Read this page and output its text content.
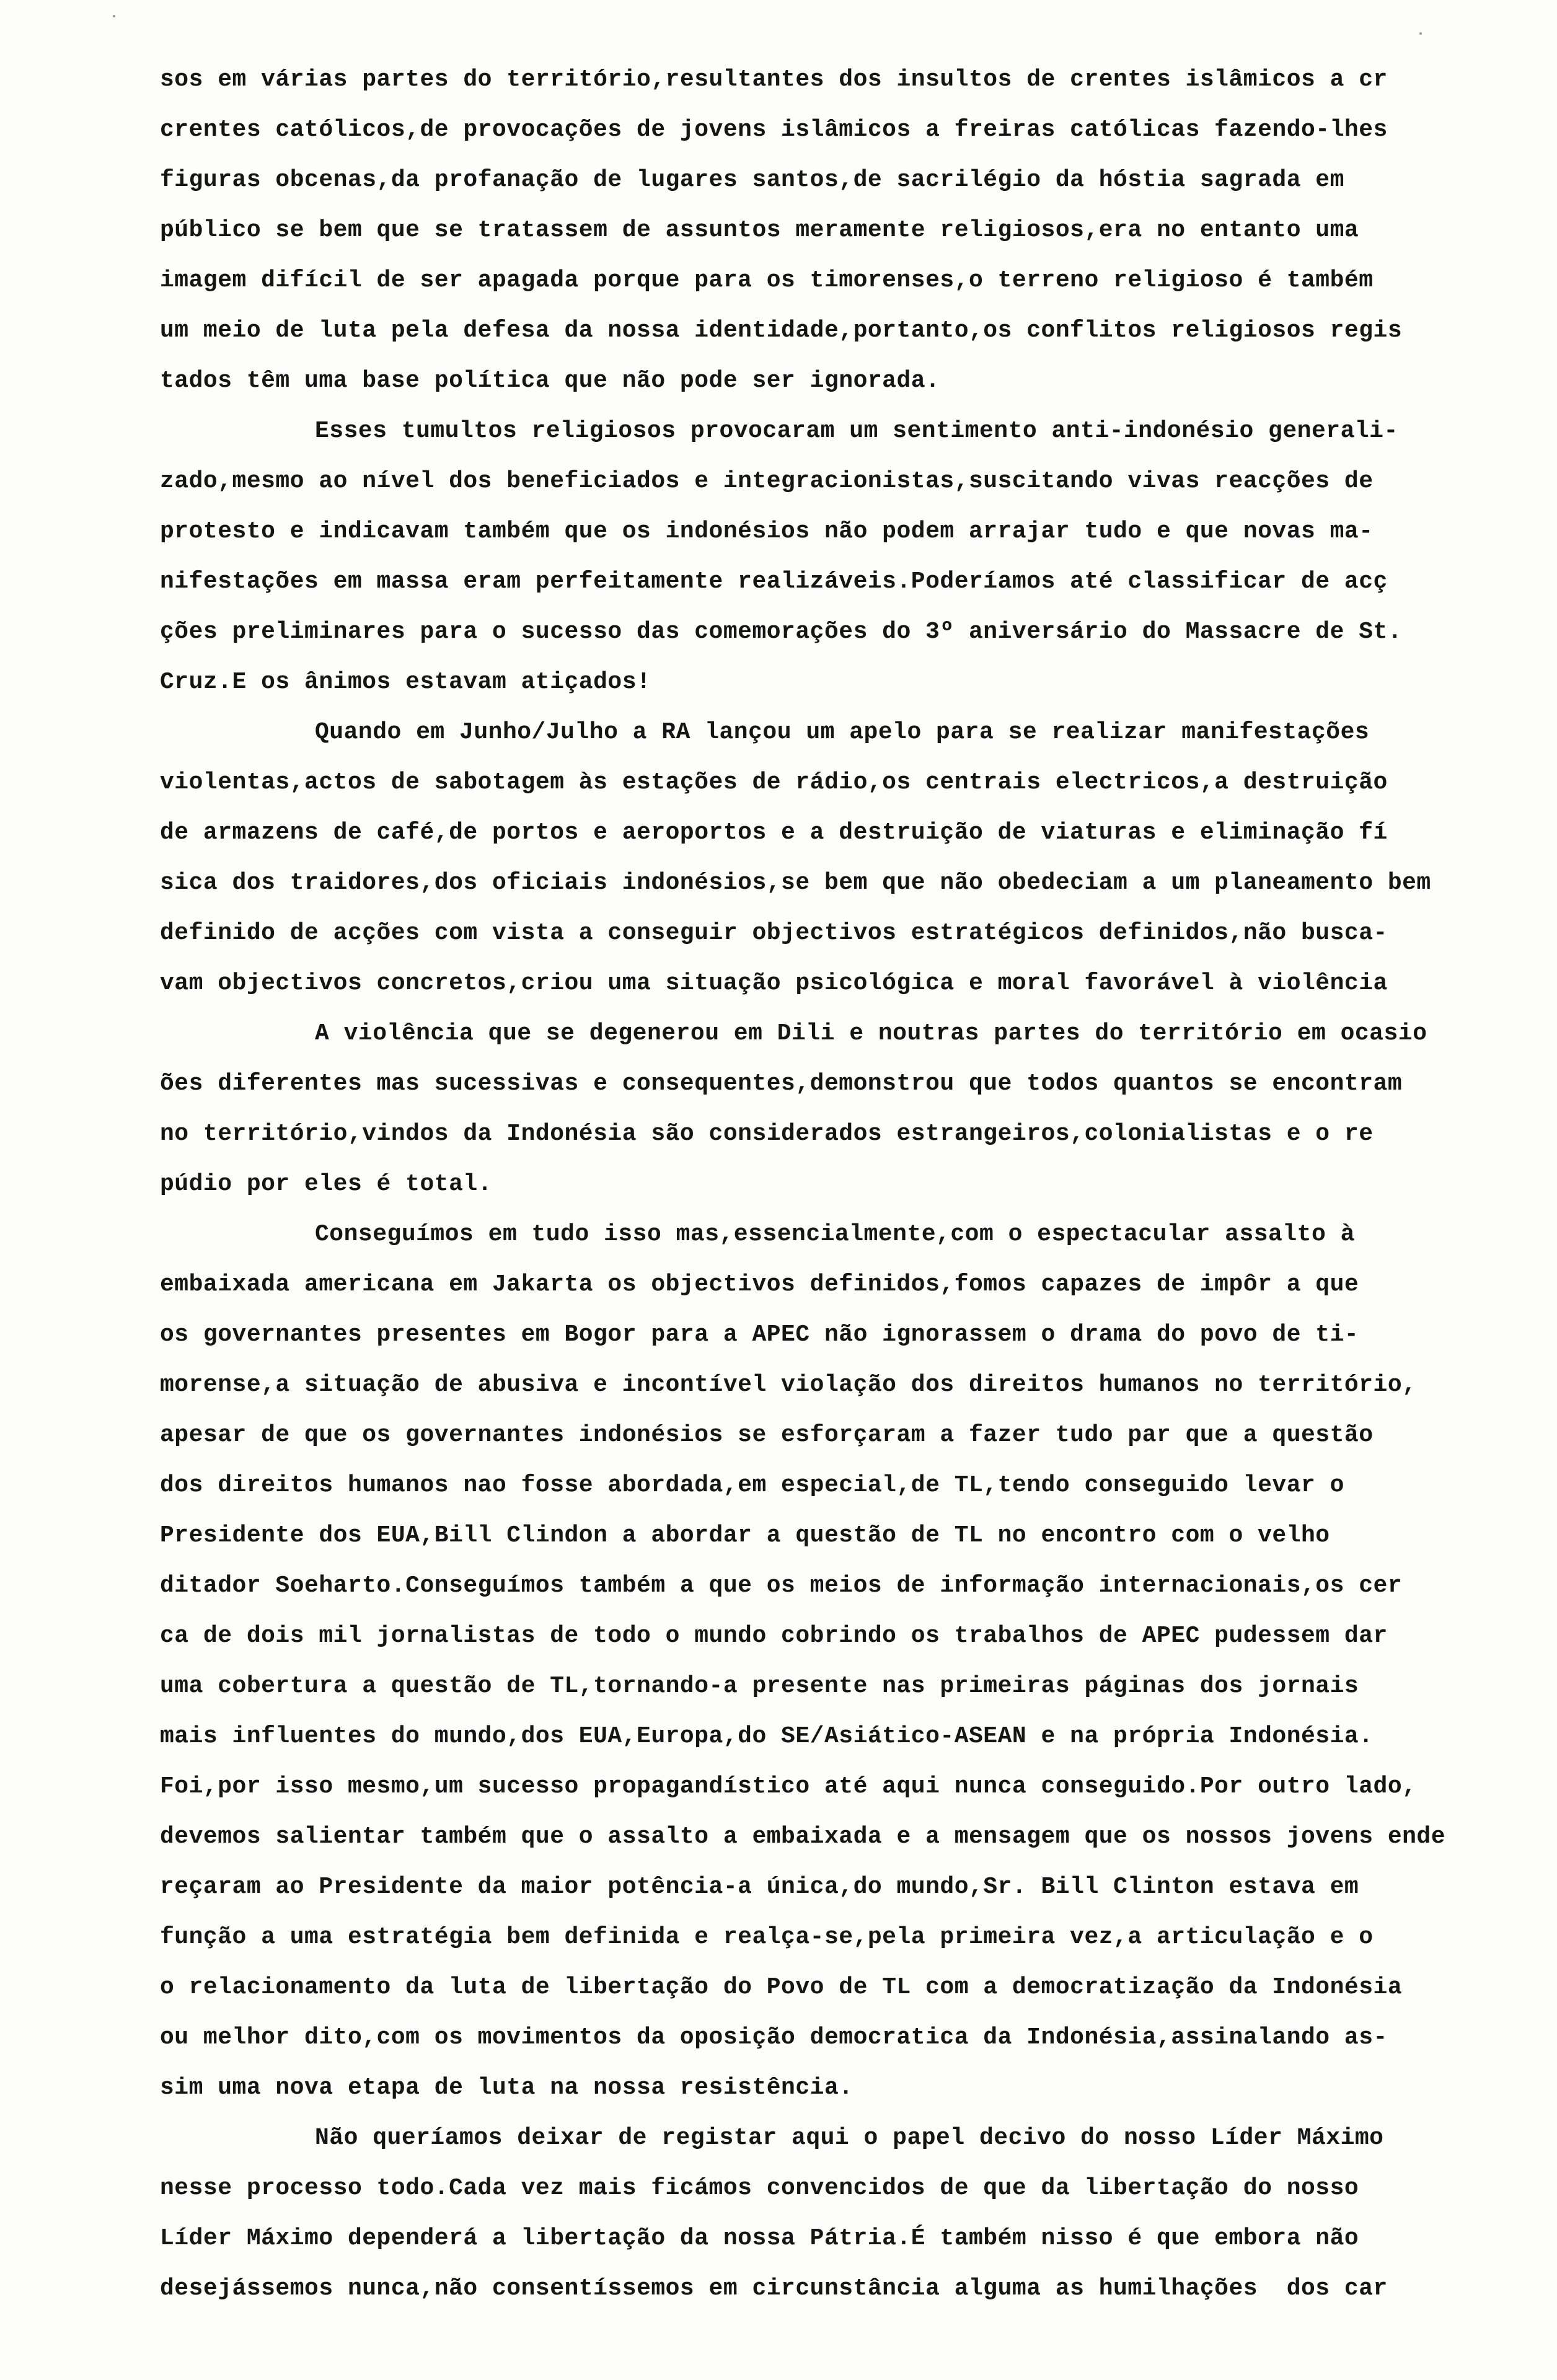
sos em várias partes do território,resultantes dos insultos de crentes islâmicos a cr
crentes católicos,de provocações de jovens islâmicos a freiras católicas fazendo-lhes
figuras obcenas,da profanação de lugares santos,de sacrilégio da hóstia sagrada em
público se bem que se tratassem de assuntos meramente religiosos,era no entanto uma
imagem difícil de ser apagada porque para os timorenses,o terreno religioso é também
um meio de luta pela defesa da nossa identidade,portanto,os conflitos religiosos regis
tados têm uma base política que não pode ser ignorada.
Esses tumultos religiosos provocaram um sentimento anti-indonésio generali-
zado,mesmo ao nível dos beneficiados e integracionistas,suscitando vivas reacções de
protesto e indicavam também que os indonésios não podem arrajar tudo e que novas ma-
nifestações em massa eram perfeitamente realizáveis.Poderíamos até classificar de acç
ções preliminares para o sucesso das comemorações do 3º aniversário do Massacre de St.
Cruz.E os ânimos estavam atiçados!
Quando em Junho/Julho a RA lançou um apelo para se realizar manifestações
violentas,actos de sabotagem às estações de rádio,os centrais electricos,a destruição
de armazens de café,de portos e aeroportos e a destruição de viaturas e eliminação fí
sica dos traidores,dos oficiais indonésios,se bem que não obedeciam a um planeamento bem
definido de acções com vista a conseguir objectivos estratégicos definidos,não busca-
vam objectivos concretos,criou uma situação psicológica e moral favorável à violência
A violência que se degenerou em Dili e noutras partes do território em ocasio
ões diferentes mas sucessivas e consequentes,demonstrou que todos quantos se encontram
no território,vindos da Indonésia são considerados estrangeiros,colonialistas e o re
púdio por eles é total.
Conseguímos em tudo isso mas,essencialmente,com o espectacular assalto à
embaixada americana em Jakarta os objectivos definidos,fomos capazes de impôr a que
os governantes presentes em Bogor para a APEC não ignorassem o drama do povo de ti-
morense,a situação de abusiva e incontível violação dos direitos humanos no território,
apesar de que os governantes indonésios se esforçaram a fazer tudo par que a questão
dos direitos humanos nao fosse abordada,em especial,de TL,tendo conseguido levar o
Presidente dos EUA,Bill Clindon a abordar a questão de TL no encontro com o velho
ditador Soeharto.Conseguímos também a que os meios de informação internacionais,os cer
ca de dois mil jornalistas de todo o mundo cobrindo os trabalhos de APEC pudessem dar
uma cobertura a questão de TL,tornando-a presente nas primeiras páginas dos jornais
mais influentes do mundo,dos EUA,Europa,do SE/Asiático-ASEAN e na própria Indonésia.
Foi,por isso mesmo,um sucesso propagandístico até aqui nunca conseguido.Por outro lado,
devemos salientar também que o assalto a embaixada e a mensagem que os nossos jovens ende
reçaram ao Presidente da maior potência-a única,do mundo,Sr. Bill Clinton estava em
função a uma estratégia bem definida e realça-se,pela primeira vez,a articulação e o
o relacionamento da luta de libertação do Povo de TL com a democratização da Indonésia
ou melhor dito,com os movimentos da oposição democratica da Indonésia,assinalando as-
sim uma nova etapa de luta na nossa resistência.
Não queríamos deixar de registar aqui o papel decivo do nosso Líder Máximo
nesse processo todo.Cada vez mais ficámos convencidos de que da libertação do nosso
Líder Máximo dependerá a libertação da nossa Pátria.É também nisso é que embora não
desejássemos nunca,não consentíssemos em circunstância alguma as humilhações  dos car
